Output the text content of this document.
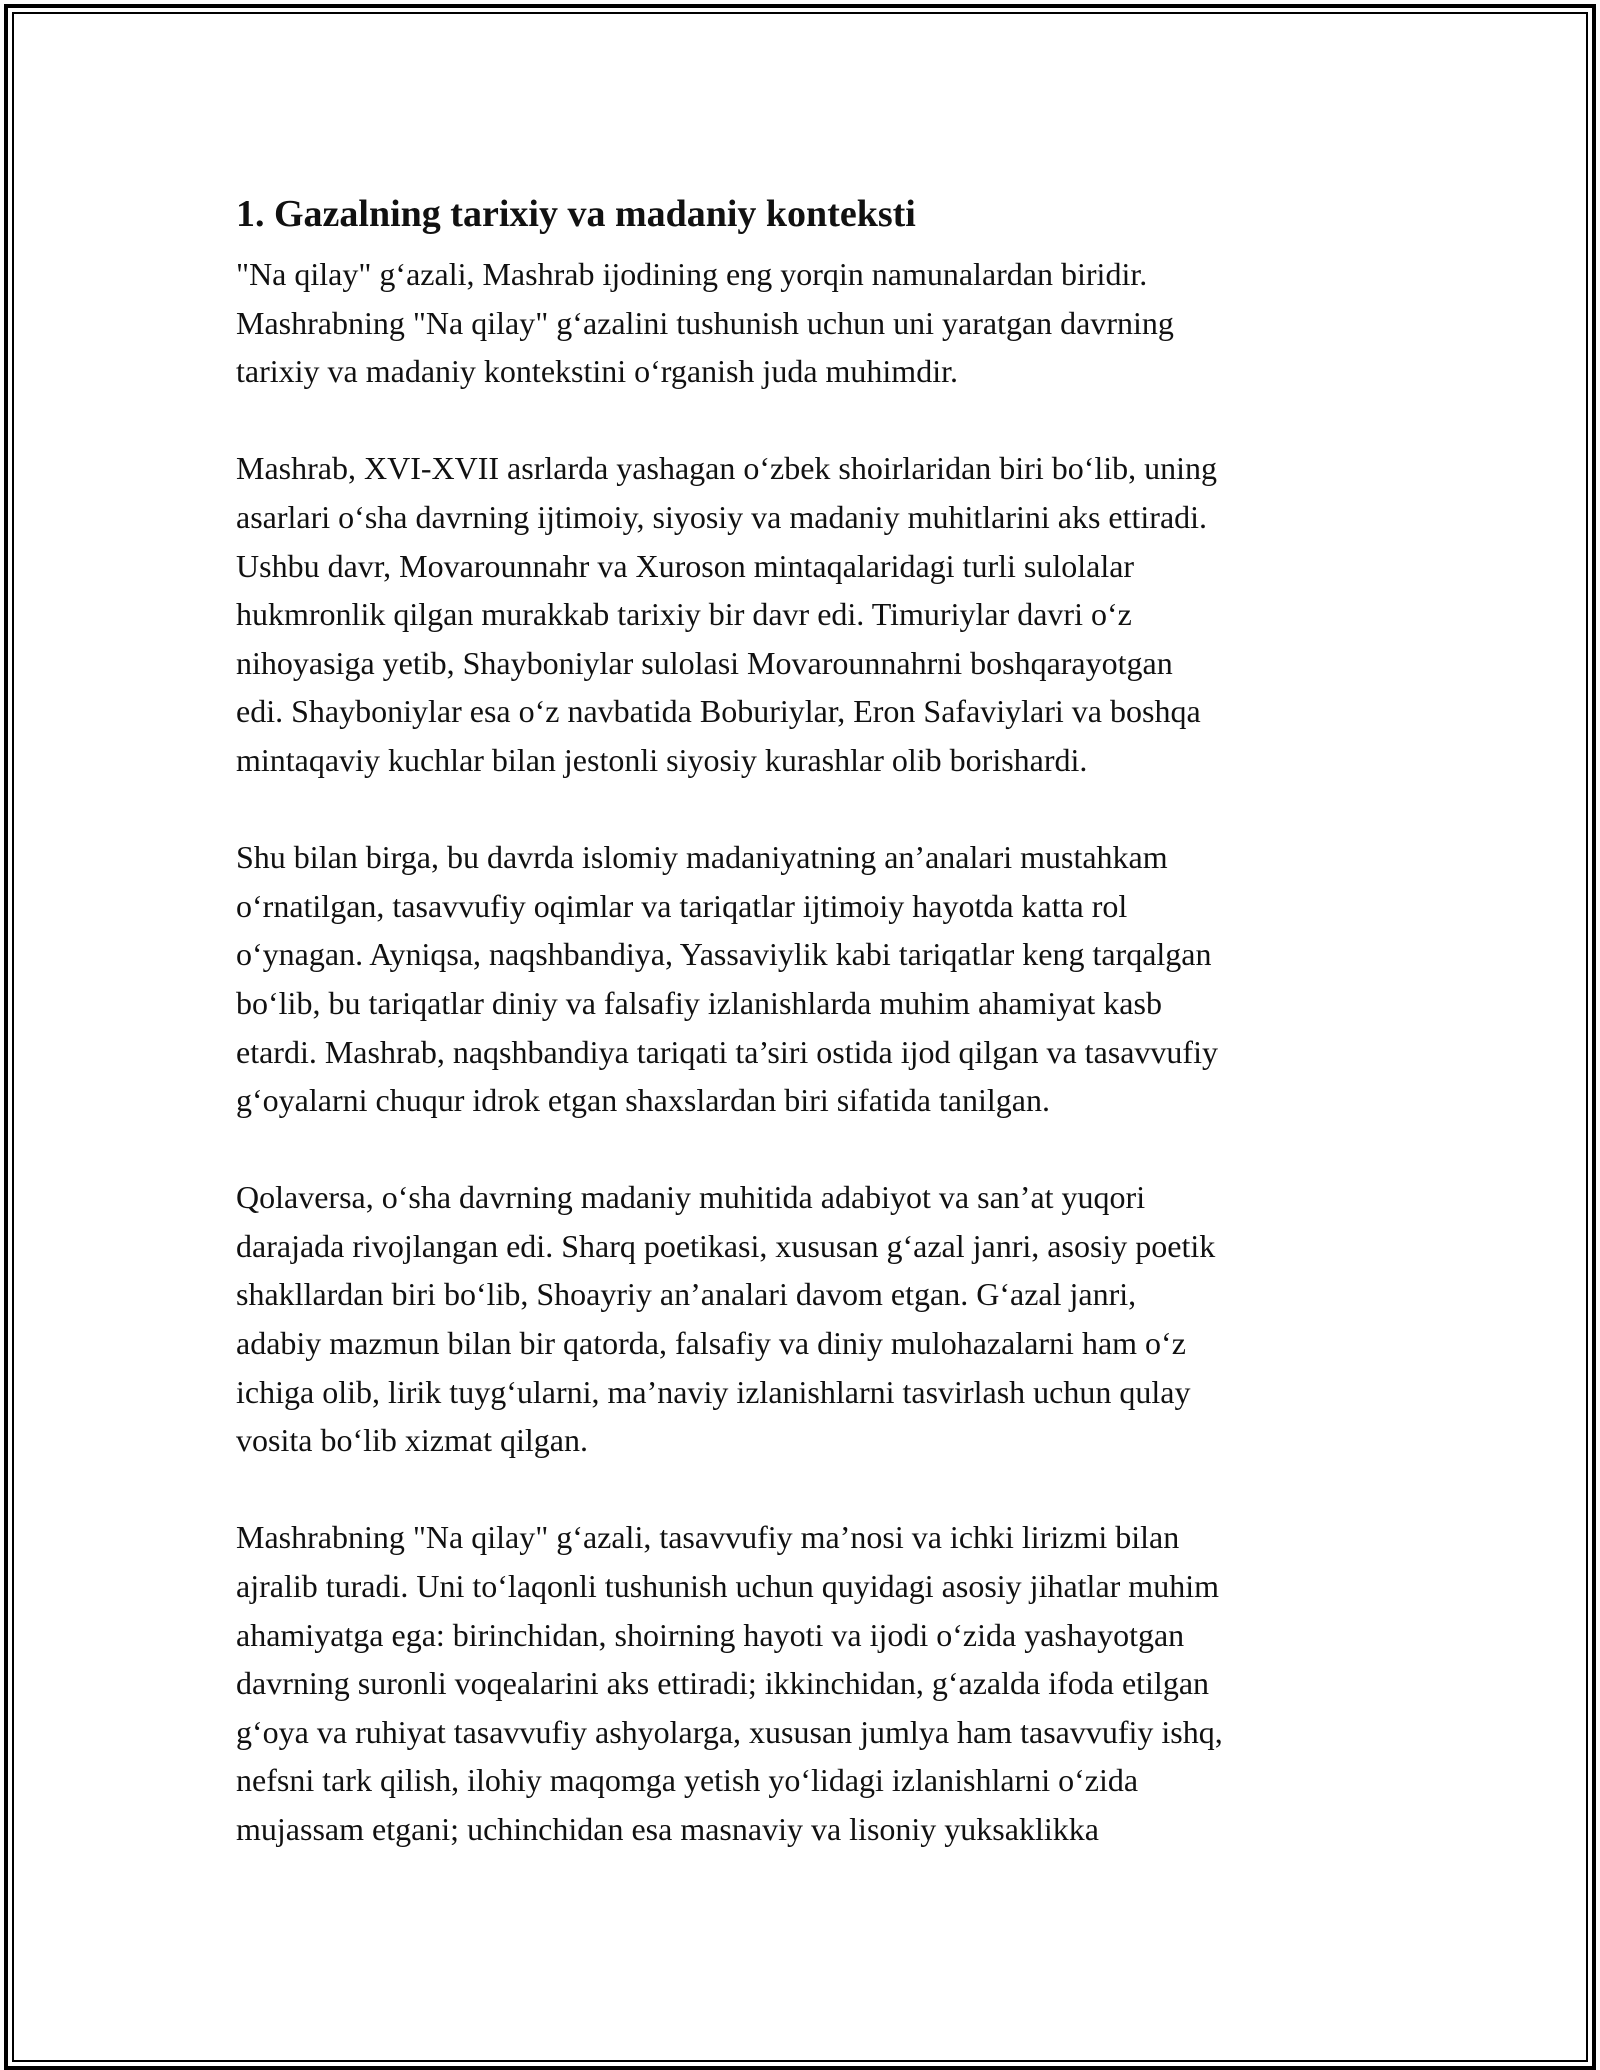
1. Gazalning tarixiy va madaniy konteksti
"Na qilay" g‘azali, Mashrab ijodining eng yorqin namunalardan biridir.
Mashrabning "Na qilay" g‘azalini tushunish uchun uni yaratgan davrning
tarixiy va madaniy kontekstini o‘rganish juda muhimdir.
Mashrab, XVI-XVII asrlarda yashagan o‘zbek shoirlaridan biri bo‘lib, uning
asarlari o‘sha davrning ijtimoiy, siyosiy va madaniy muhitlarini aks ettiradi.
Ushbu davr, Movarounnahr va Xuroson mintaqalaridagi turli sulolalar
hukmronlik qilgan murakkab tarixiy bir davr edi. Timuriylar davri o‘z
nihoyasiga yetib, Shayboniylar sulolasi Movarounnahrni boshqarayotgan
edi. Shayboniylar esa o‘z navbatida Boburiylar, Eron Safaviylari va boshqa
mintaqaviy kuchlar bilan jestonli siyosiy kurashlar olib borishardi.
Shu bilan birga, bu davrda islomiy madaniyatning an’analari mustahkam
o‘rnatilgan, tasavvufiy oqimlar va tariqatlar ijtimoiy hayotda katta rol
o‘ynagan. Ayniqsa, naqshbandiya, Yassaviylik kabi tariqatlar keng tarqalgan
bo‘lib, bu tariqatlar diniy va falsafiy izlanishlarda muhim ahamiyat kasb
etardi. Mashrab, naqshbandiya tariqati ta’siri ostida ijod qilgan va tasavvufiy
g‘oyalarni chuqur idrok etgan shaxslardan biri sifatida tanilgan.
Qolaversa, o‘sha davrning madaniy muhitida adabiyot va san’at yuqori
darajada rivojlangan edi. Sharq poetikasi, xususan g‘azal janri, asosiy poetik
shakllardan biri bo‘lib, Shoayriy an’analari davom etgan. G‘azal janri,
adabiy mazmun bilan bir qatorda, falsafiy va diniy mulohazalarni ham o‘z
ichiga olib, lirik tuyg‘ularni, ma’naviy izlanishlarni tasvirlash uchun qulay
vosita bo‘lib xizmat qilgan.
Mashrabning "Na qilay" g‘azali, tasavvufiy ma’nosi va ichki lirizmi bilan
ajralib turadi. Uni to‘laqonli tushunish uchun quyidagi asosiy jihatlar muhim
ahamiyatga ega: birinchidan, shoirning hayoti va ijodi o‘zida yashayotgan
davrning suronli voqealarini aks ettiradi; ikkinchidan, g‘azalda ifoda etilgan
g‘oya va ruhiyat tasavvufiy ashyolarga, xususan jumlya ham tasavvufiy ishq,
nefsni tark qilish, ilohiy maqomga yetish yo‘lidagi izlanishlarni o‘zida
mujassam etgani; uchinchidan esa masnaviy va lisoniy yuksaklikka
